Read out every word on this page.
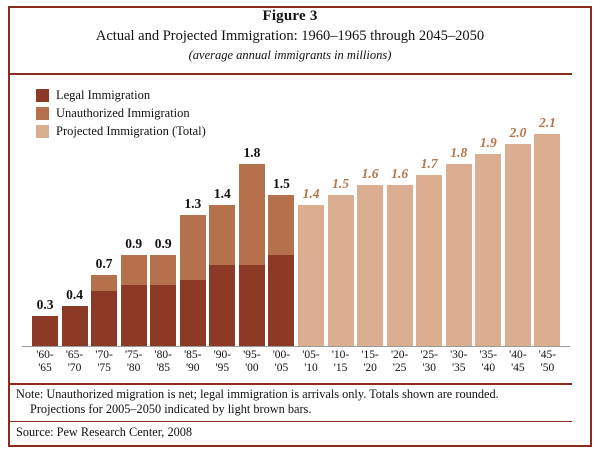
Figure 3
Actual and Projected Immigration: 1960–1965 through 2045–2050
(average annual immigrants in millions)
0.3
0.4
0.7
0.9 0.9
1.3
1.4
1.8
1.5
1.4
1.5
1.6 1.6
1.7
1.8
1.9
2.0
2.1
'60-
'65
'65-
'70
'70-
'75
'75-
'80
'80-
'85
'85-
'90
'90-
'95
'95-
'00
'00-
'05
'05-
'10
'10-
'15
'15-
'20
'20-
'25
'25-
'30
'30-
'35
'35-
'40
'40-
'45
'45-
'50
Legal Immigration
Unauthorized Immigration
Projected Immigration (Total)
Note: Unauthorized migration is net; legal immigration is arrivals only. Totals shown are rounded.
Projections for 2005–2050 indicated by light brown bars.
Source: Pew Research Center, 2008
